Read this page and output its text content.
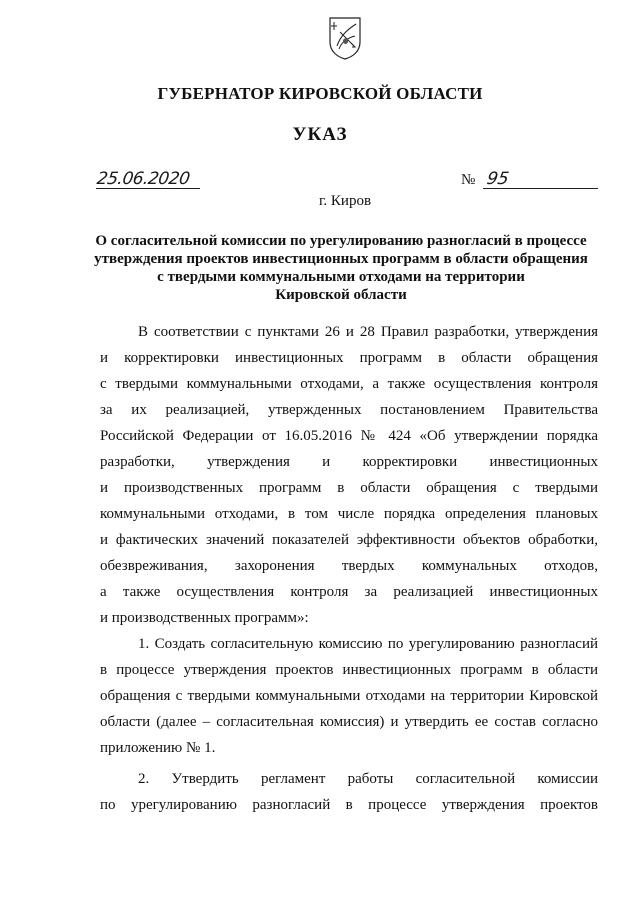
ГУБЕРНАТОР КИРОВСКОЙ ОБЛАСТИ
УКАЗ
25.06.2020	№ 95
г. Киров
О согласительной комиссии по урегулированию разногласий в процессе
утверждения проектов инвестиционных программ в области обращения
с твердыми коммунальными отходами на территории
Кировской области
В соответствии с пунктами 26 и 28 Правил разработки, утверждения
и корректировки инвестиционных программ в области обращения
с твердыми коммунальными отходами, а также осуществления контроля
за их реализацией, утвержденных постановлением Правительства
Российской Федерации от 16.05.2016 № 424 «Об утверждении порядка
разработки, утверждения и корректировки инвестиционных
и производственных программ в области обращения с твердыми
коммунальными отходами, в том числе порядка определения плановых
и фактических значений показателей эффективности объектов обработки,
обезвреживания, захоронения твердых коммунальных отходов,
а также осуществления контроля за реализацией инвестиционных
и производственных программ»:
1. Создать согласительную комиссию по урегулированию разногласий
в процессе утверждения проектов инвестиционных программ в области
обращения с твердыми коммунальными отходами на территории Кировской
области (далее – согласительная комиссия) и утвердить ее состав согласно
приложению № 1.
2. Утвердить регламент работы согласительной комиссии
по урегулированию разногласий в процессе утверждения проектов
